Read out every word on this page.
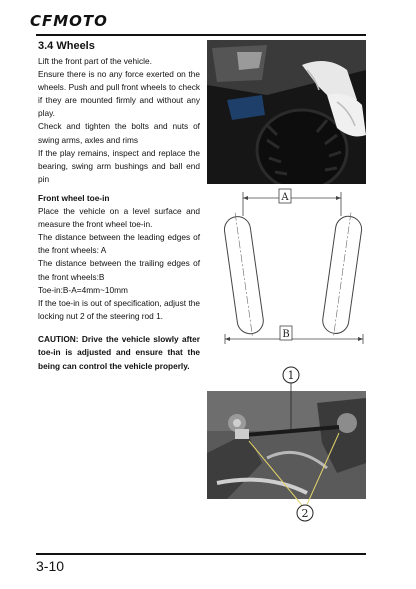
CFMOTO
3.4 Wheels

Lift the front part of the vehicle.

Ensure there is no any force exerted on the wheels. Push and pull front wheels to check if they are mounted firmly and without any play.

Check and tighten the bolts and nuts of swing arms, axles and rims

If the play remains, inspect and replace the bearing, swing arm bushings and ball end pin

Front wheel toe-in

Place the vehicle on a level surface and measure the front wheel toe-in.

The distance between the leading edges of the front wheels: A

The distance between the trailing edges of the front wheels:B

Toe-in:B-A=4mm~10mm

If the toe-in is out of specification, adjust the locking nut 2 of the steering rod 1.

CAUTION: Drive the vehicle slowly after toe-in is adjusted and ensure that the being can control the vehicle properly.

A
B
1
2
3-10
